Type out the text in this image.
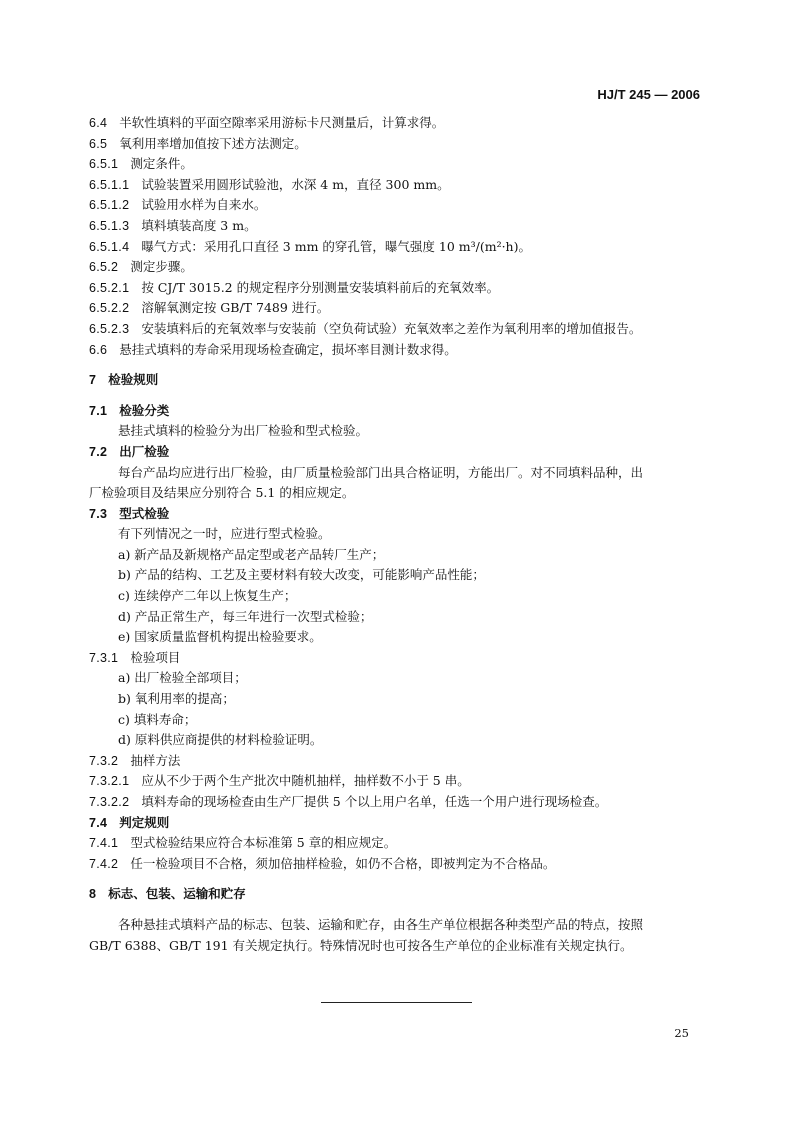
HJ/T 245 — 2006
6.4 半软性填料的平面空隙率采用游标卡尺测量后，计算求得。
6.5 氧利用率增加值按下述方法测定。
6.5.1 测定条件。
6.5.1.1 试验装置采用圆形试验池，水深 4 m，直径 300 mm。
6.5.1.2 试验用水样为自来水。
6.5.1.3 填料填装高度 3 m。
6.5.1.4 曝气方式：采用孔口直径 3 mm 的穿孔管，曝气强度 10 m³/(m²·h)。
6.5.2 测定步骤。
6.5.2.1 按 CJ/T 3015.2 的规定程序分别测量安装填料前后的充氧效率。
6.5.2.2 溶解氧测定按 GB/T 7489 进行。
6.5.2.3 安装填料后的充氧效率与安装前（空负荷试验）充氧效率之差作为氧利用率的增加值报告。
6.6 悬挂式填料的寿命采用现场检查确定，损坏率目测计数求得。
7 检验规则
7.1 检验分类
悬挂式填料的检验分为出厂检验和型式检验。
7.2 出厂检验
每台产品均应进行出厂检验，由厂质量检验部门出具合格证明，方能出厂。对不同填料品种，出
厂检验项目及结果应分别符合 5.1 的相应规定。
7.3 型式检验
有下列情况之一时，应进行型式检验。
a) 新产品及新规格产品定型或老产品转厂生产；
b) 产品的结构、工艺及主要材料有较大改变，可能影响产品性能；
c) 连续停产二年以上恢复生产；
d) 产品正常生产，每三年进行一次型式检验；
e) 国家质量监督机构提出检验要求。
7.3.1 检验项目
a) 出厂检验全部项目；
b) 氧利用率的提高；
c) 填料寿命；
d) 原料供应商提供的材料检验证明。
7.3.2 抽样方法
7.3.2.1 应从不少于两个生产批次中随机抽样，抽样数不小于 5 串。
7.3.2.2 填料寿命的现场检查由生产厂提供 5 个以上用户名单，任选一个用户进行现场检查。
7.4 判定规则
7.4.1 型式检验结果应符合本标准第 5 章的相应规定。
7.4.2 任一检验项目不合格，须加倍抽样检验，如仍不合格，即被判定为不合格品。
8 标志、包装、运输和贮存
各种悬挂式填料产品的标志、包装、运输和贮存，由各生产单位根据各种类型产品的特点，按照
GB/T 6388、GB/T 191 有关规定执行。特殊情况时也可按各生产单位的企业标准有关规定执行。
25
